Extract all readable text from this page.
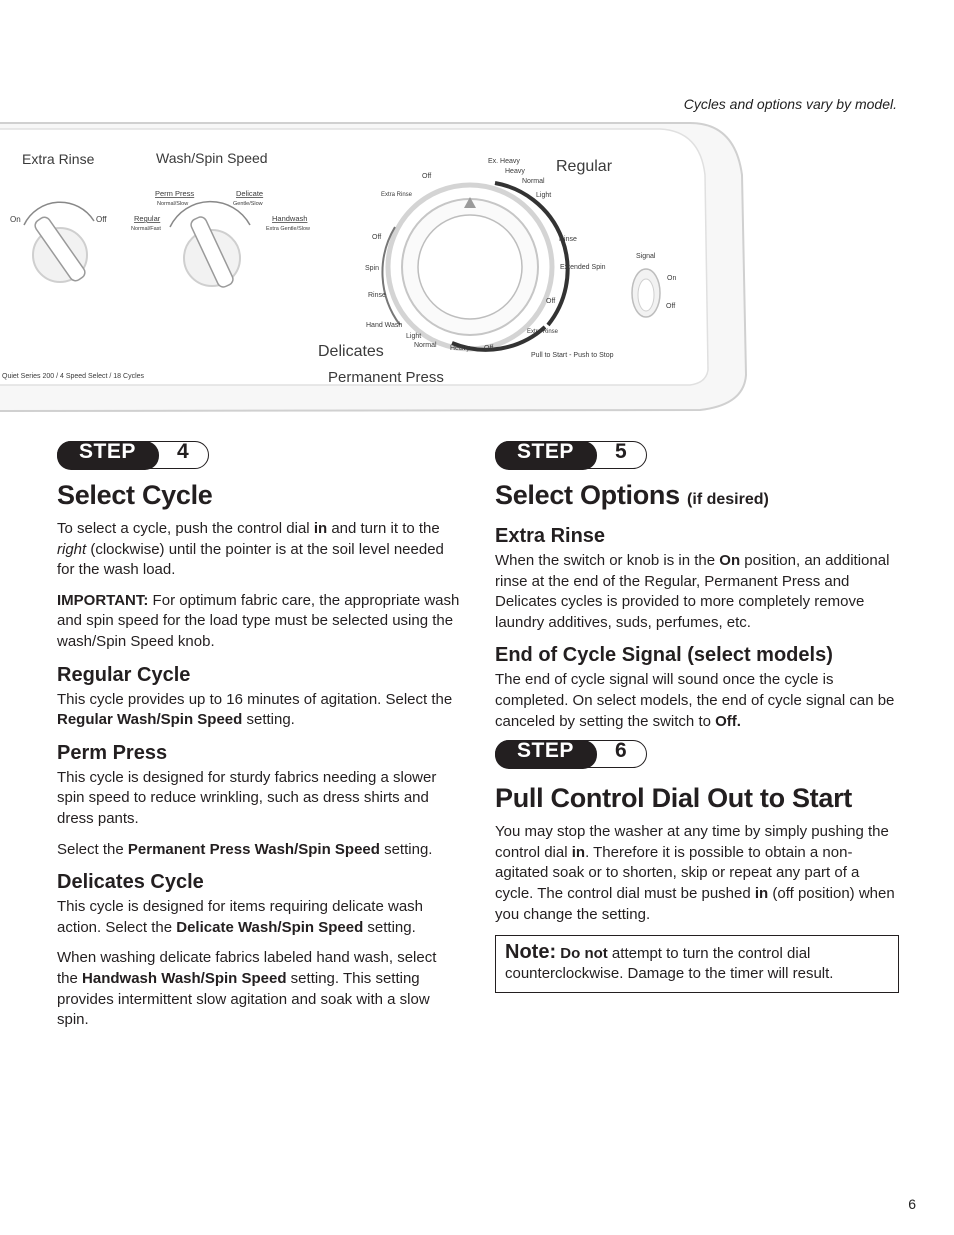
Cycles and options vary by model.
Extra Rinse	Wash/Spin Speed
On	Off
Perm Press
Normal/Slow
Delicate
Gentle/Slow
Regular
Normal/Fast
Handwash
Extra Gentle/Slow
Off
Extra Rinse
Off
Spin
Rinse
Hand Wash
Light
Normal Heavy Off
Ex. Heavy
Heavy
Normal
Light
Rinse
Extended Spin
Off
Extra Rinse
Regular
Delicates
Permanent Press
Signal
On
Off
Pull to Start - Push to Stop
Quiet Series 200 / 4 Speed Select / 18 Cycles
STEP 4
Select Cycle

To select a cycle, push the control dial in and turn it to the right (clockwise) until the pointer is at the soil level needed for the wash load.

IMPORTANT: For optimum fabric care, the appropriate wash and spin speed for the load type must be selected using the wash/Spin Speed knob.

Regular Cycle

This cycle provides up to 16 minutes of agitation. Select the Regular Wash/Spin Speed setting.

Perm Press

This cycle is designed for sturdy fabrics needing a slower spin speed to reduce wrinkling, such as dress shirts and dress pants.

Select the Permanent Press Wash/Spin Speed setting.

Delicates Cycle

This cycle is designed for items requiring delicate wash action. Select the Delicate Wash/Spin Speed setting.

When washing delicate fabrics labeled hand wash, select the Handwash Wash/Spin Speed setting. This setting provides intermittent slow agitation and soak with a slow spin.

STEP 5
Select Options (if desired)
Extra Rinse

When the switch or knob is in the On position, an additional rinse at the end of the Regular, Permanent Press and Delicates cycles is provided to more completely remove laundry additives, suds, perfumes, etc.

End of Cycle Signal (select models)

The end of cycle signal will sound once the cycle is completed. On select models, the end of cycle signal can be canceled by setting the switch to Off.

STEP 6
Pull Control Dial Out to Start

You may stop the washer at any time by simply pushing the control dial in. Therefore it is possible to obtain a non-agitated soak or to shorten, skip or repeat any part of a cycle. The control dial must be pushed in (off position) when you change the setting.

Note: Do not attempt to turn the control dial counterclockwise. Damage to the timer will result.
6
